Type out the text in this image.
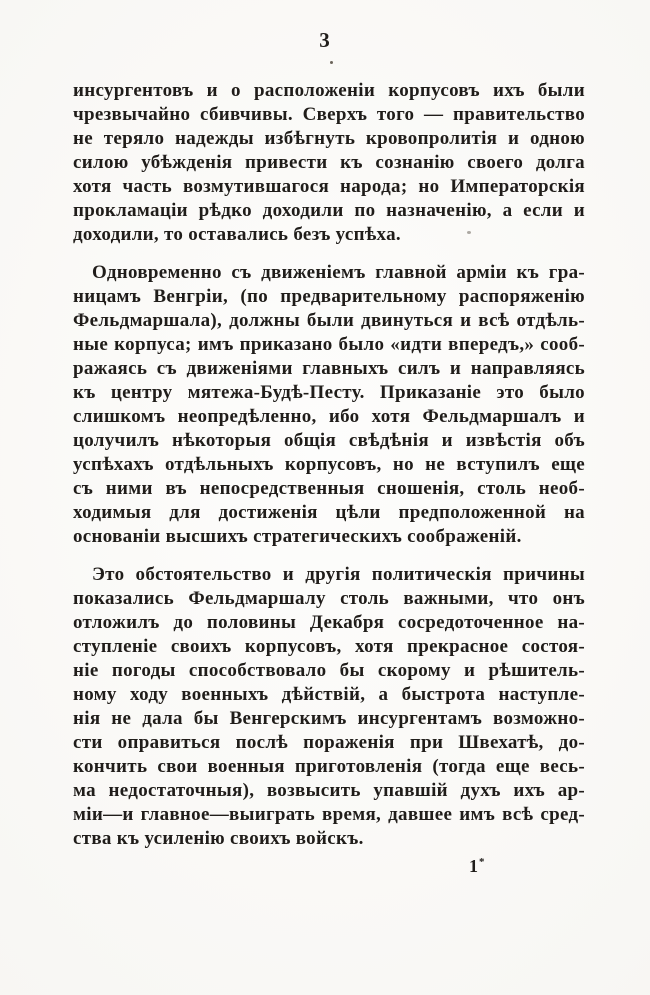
3
инсургентовъ и о расположеніи корпусовъ ихъ были
чрезвычайно сбивчивы. Сверхъ того — правительство
не теряло надежды избѣгнуть кровопролитія и одною
силою убѣжденія привести къ сознанію своего долга
хотя часть возмутившагося народа; но Императорскія
прокламаціи рѣдко доходили по назначенію, а если и
доходили, то оставались безъ успѣха.
Одновременно съ движеніемъ главной арміи къ гра-
ницамъ Венгріи, (по предварительному распоряженію
Фельдмаршала), должны были двинуться и всѣ отдѣль-
ные корпуса; имъ приказано было «идти впередъ,» сооб-
ражаясь съ движеніями главныхъ силъ и направляясь
къ центру мятежа-Будѣ-Песту. Приказаніе это было
слишкомъ неопредѣленно, ибо хотя Фельдмаршалъ и
цолучилъ нѣкоторыя общія свѣдѣнія и извѣстія объ
успѣхахъ отдѣльныхъ корпусовъ, но не вступилъ еще
съ ними въ непосредственныя сношенія, столь необ-
ходимыя для достиженія цѣли предположенной на
основаніи высшихъ стратегическихъ соображеній.
Это обстоятельство и другія политическія причины
показались Фельдмаршалу столь важными, что онъ
отложилъ до половины Декабря сосредоточенное на-
ступленіе своихъ корпусовъ, хотя прекрасное состоя-
ніе погоды способствовало бы скорому и рѣшитель-
ному ходу военныхъ дѣйствій, а быстрота наступле-
нія не дала бы Венгерскимъ инсургентамъ возможно-
сти оправиться послѣ пораженія при Швехатѣ, до-
кончить свои военныя приготовленія (тогда еще весь-
ма недостаточныя), возвысить упавшій духъ ихъ ар-
міи—и главное—выиграть время, давшее имъ всѣ сред-
ства къ усиленію своихъ войскъ.
1*
